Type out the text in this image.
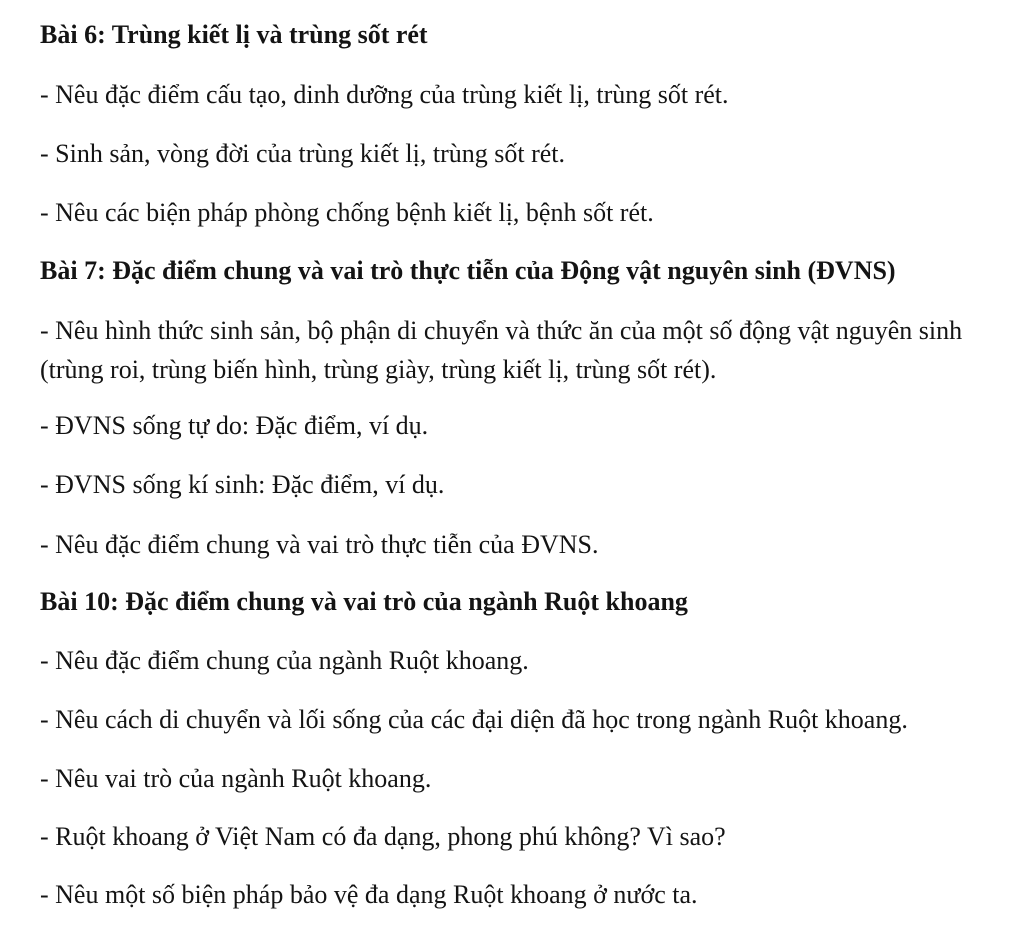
Bài 6: Trùng kiết lị và trùng sốt rét
- Nêu đặc điểm cấu tạo, dinh dưỡng của trùng kiết lị, trùng sốt rét.
- Sinh sản, vòng đời của trùng kiết lị, trùng sốt rét.
- Nêu các biện pháp phòng chống bệnh kiết lị, bệnh sốt rét.
Bài 7: Đặc điểm chung và vai trò thực tiễn của Động vật nguyên sinh (ĐVNS)
- Nêu hình thức sinh sản, bộ phận di chuyển và thức ăn của một số động vật nguyên sinh (trùng roi, trùng biến hình, trùng giày, trùng kiết lị, trùng sốt rét).
- ĐVNS sống tự do: Đặc điểm, ví dụ.
- ĐVNS sống kí sinh: Đặc điểm, ví dụ.
- Nêu đặc điểm chung và vai trò thực tiễn của ĐVNS.
Bài 10: Đặc điểm chung và vai trò của ngành Ruột khoang
- Nêu đặc điểm chung của ngành Ruột khoang.
- Nêu cách di chuyển và lối sống của các đại diện đã học trong ngành Ruột khoang.
- Nêu vai trò của ngành Ruột khoang.
- Ruột khoang ở Việt Nam có đa dạng, phong phú không? Vì sao?
- Nêu một số biện pháp bảo vệ đa dạng Ruột khoang ở nước ta.
